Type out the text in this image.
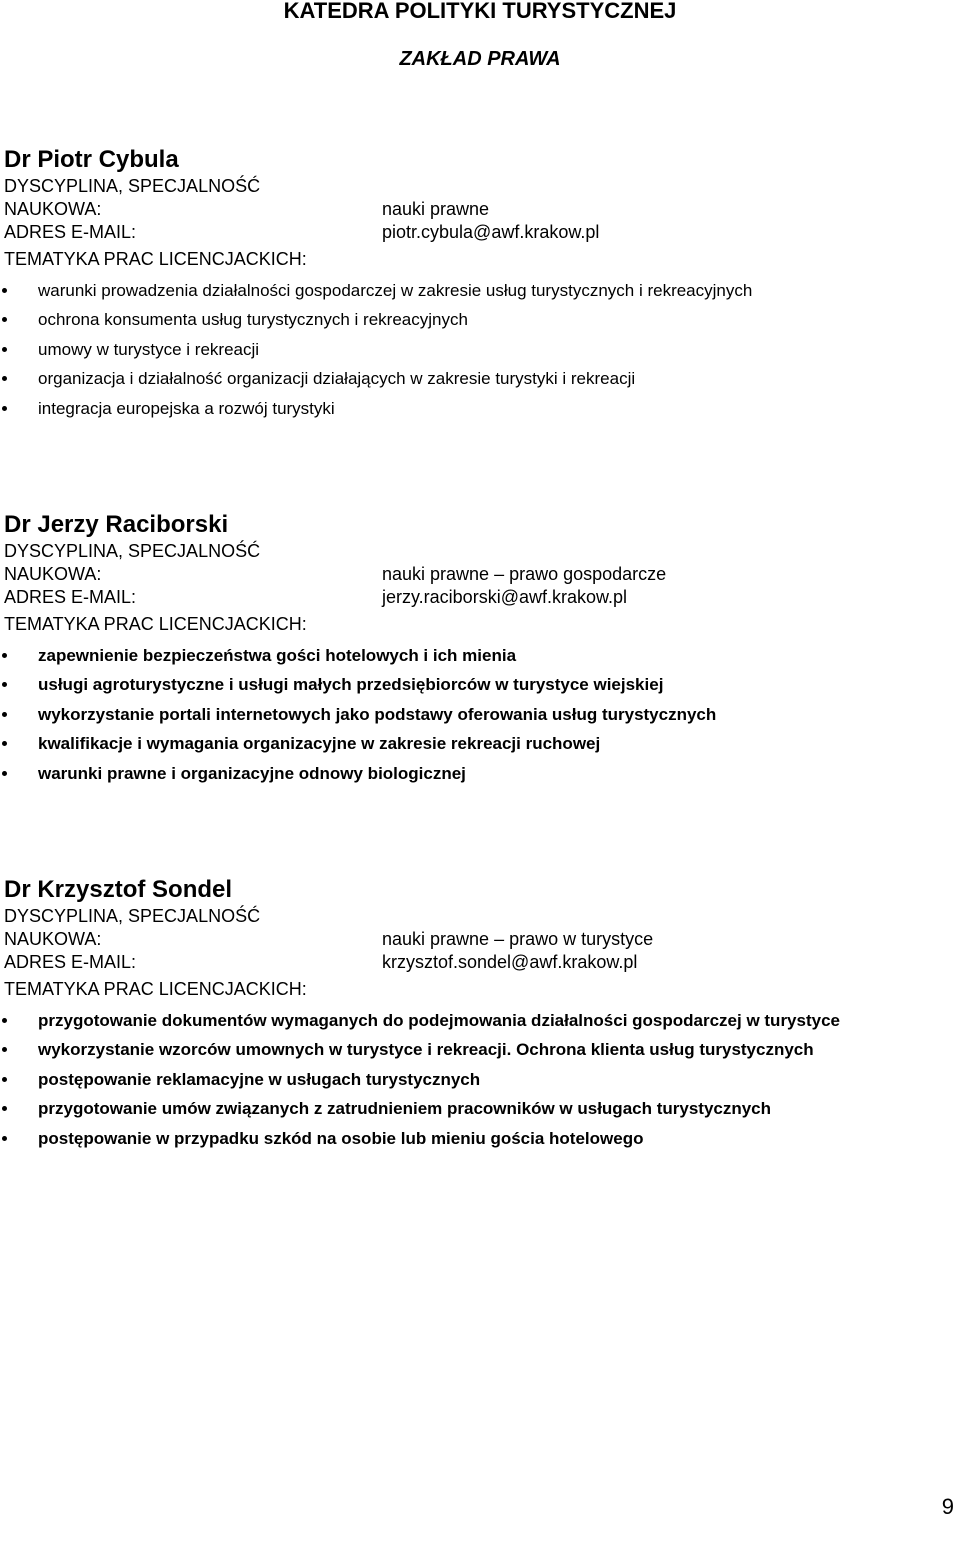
KATEDRA POLITYKI TURYSTYCZNEJ
ZAKŁAD PRAWA
Dr Piotr Cybula
DYSCYPLINA, SPECJALNOŚĆ
NAUKOWA:	nauki prawne
ADRES E-MAIL:	piotr.cybula@awf.krakow.pl
TEMATYKA PRAC LICENCJACKICH:
warunki prowadzenia działalności gospodarczej w zakresie usług turystycznych i rekreacyjnych
ochrona konsumenta usług turystycznych i rekreacyjnych
umowy w turystyce i rekreacji
organizacja i działalność organizacji działających w zakresie turystyki i rekreacji
integracja europejska a rozwój turystyki
Dr Jerzy Raciborski
DYSCYPLINA, SPECJALNOŚĆ
NAUKOWA:	nauki prawne – prawo gospodarcze
ADRES E-MAIL:	jerzy.raciborski@awf.krakow.pl
TEMATYKA PRAC LICENCJACKICH:
zapewnienie bezpieczeństwa gości hotelowych i ich mienia
usługi agroturystyczne i usługi małych przedsiębiorców w turystyce wiejskiej
wykorzystanie portali internetowych jako podstawy oferowania usług turystycznych
kwalifikacje i wymagania organizacyjne w zakresie rekreacji ruchowej
warunki prawne i organizacyjne odnowy biologicznej
Dr Krzysztof Sondel
DYSCYPLINA, SPECJALNOŚĆ
NAUKOWA:	nauki prawne – prawo w turystyce
ADRES E-MAIL:	krzysztof.sondel@awf.krakow.pl
TEMATYKA PRAC LICENCJACKICH:
przygotowanie dokumentów wymaganych do podejmowania działalności gospodarczej w turystyce
wykorzystanie wzorców umownych w turystyce i rekreacji. Ochrona klienta usług turystycznych
postępowanie reklamacyjne w usługach turystycznych
przygotowanie umów związanych z zatrudnieniem pracowników w usługach turystycznych
postępowanie w przypadku szkód na osobie lub mieniu gościa hotelowego
9
